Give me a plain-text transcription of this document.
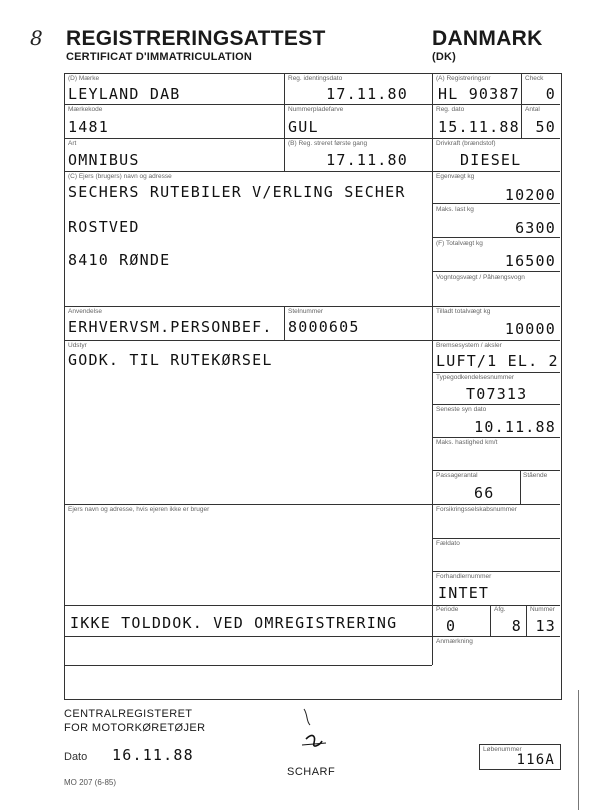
8 REGISTRERINGSATTEST
CERTIFICAT D'IMMATRICULATION
DANMARK
(DK)
(D) Mærke
LEYLAND DAB
Reg. identingsdato
17.11.80
(A) Registreringsnr
HL 90387
Check
0
Mærkekode
1481
Nummerpladefarve
GUL
Reg. dato
15.11.88
Antal
50
Art
OMNIBUS
(B) Reg. streret første gang
17.11.80
Drivkraft (brændstof)
DIESEL
(C) Ejers (brugers) navn og adresse
SECHERS RUTEBILER V/ERLING SECHER
ROSTVED
8410 RØNDE
Egenvægt kg
10200
Maks. last kg
6300
(F) Totalvægt kg
16500
Vogntogsvægt / Påhængsvogn
Anvendelse
ERHVERVSM.PERSONBEF.
Stelnummer
8000605
Tilladt totalvægt kg
10000
Udstyr
GODK. TIL RUTEKØRSEL
Bremsesystem / aksler
LUFT/1 EL. 2
Typegodkendelsesnummer
T07313
Seneste syn dato
10.11.88
Maks. hastighed km/t
Passagerantal
66
Stående
Ejers navn og adresse, hvis ejeren ikke er bruger	Forsikringsselskabsnummer
Fældato
Forhandlernummer
INTET
IKKE TOLDDOK. VED OMREGISTRERING
Periode
0
Afg.
8
Nummer
13
Anmærkning
CENTRALREGISTERET
FOR MOTORKØRETØJER
Dato 16.11.88
MO 207 (6-85)
SCHARF
Løbenummer
116A
